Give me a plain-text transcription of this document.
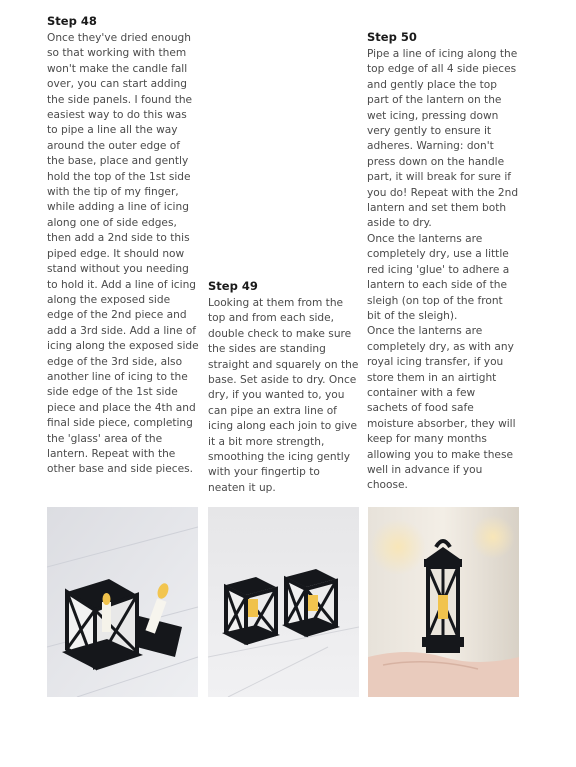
Step 48

Once they've dried enough so that working with them won't make the candle fall over, you can start adding the side panels. I found the easiest way to do this was to pipe a line all the way around the outer edge of the base, place and gently hold the top of the 1st side with the tip of my finger, while adding a line of icing along one of side edges, then add a 2nd side to this piped edge. It should now stand without you needing to hold it. Add a line of icing along the exposed side edge of the 2nd piece and add a 3rd side. Add a line of icing along the exposed side edge of the 3rd side, also another line of icing to the side edge of the 1st side piece and place the 4th and final side piece, completing the 'glass' area of the lantern. Repeat with the other base and side pieces.

Step 49

Looking at them from the top and from each side, double check to make sure the sides are standing straight and squarely on the base. Set aside to dry. Once dry, if you wanted to, you can pipe an extra line of icing along each join to give it a bit more strength, smoothing the icing gently with your fingertip to neaten it up.

Step 50

Pipe a line of icing along the top edge of all 4 side pieces and gently place the top part of the lantern on the wet icing, pressing down very gently to ensure it adheres. Warning: don't press down on the handle part, it will break for sure if you do! Repeat with the 2nd lantern and set them both aside to dry.
Once the lanterns are completely dry, use a little red icing 'glue' to adhere a lantern to each side of the sleigh (on top of the front bit of the sleigh).
Once the lanterns are completely dry, as with any royal icing transfer, if you store them in an airtight container with a few sachets of food safe moisture absorber, they will keep for many months allowing you to make these well in advance if you choose.
